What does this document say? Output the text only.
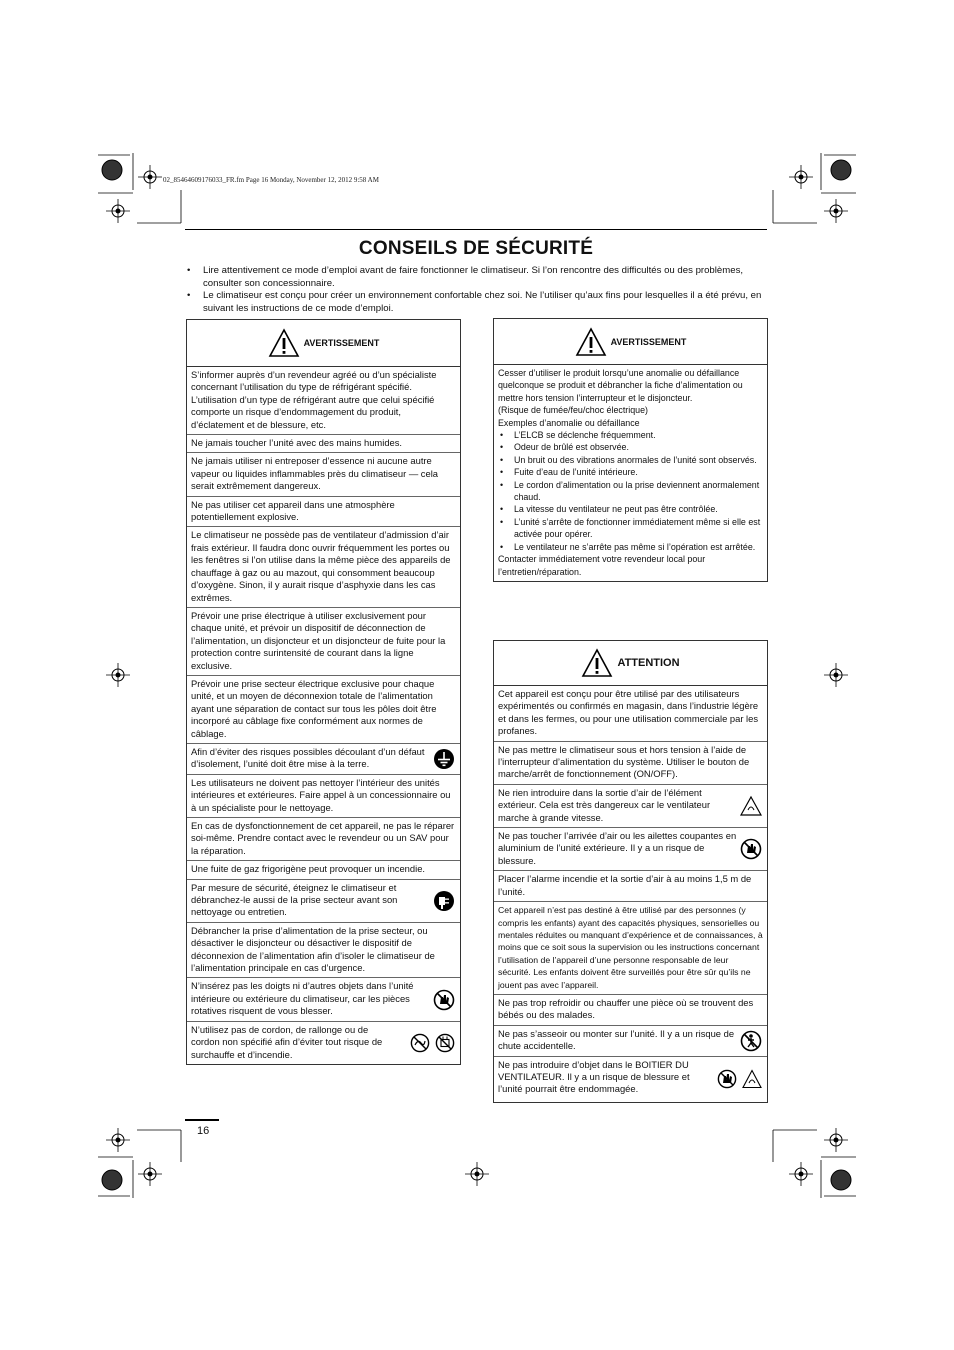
02_85464609176033_FR.fm Page 16 Monday, November 12, 2012 9:58 AM
CONSEILS DE SÉCURITÉ
• Lire attentivement ce mode d’emploi avant de faire fonctionner le climatiseur. Si l’on rencontre des difficultés ou des problèmes, consulter son concessionnaire.
• Le climatiseur est conçu pour créer un environnement confortable chez soi. Ne l’utiliser qu’aux fins pour lesquelles il a été prévu, en suivant les instructions de ce mode d’emploi.
AVERTISSEMENT
S’informer auprès d’un revendeur agréé ou d’un spécialiste concernant l’utilisation du type de réfrigérant spécifié. L’utilisation d’un type de réfrigérant autre que celui spécifié comporte un risque d’endommagement du produit, d’éclatement et de blessure, etc.
Ne jamais toucher l’unité avec des mains humides.
Ne jamais utiliser ni entreposer d’essence ni aucune autre vapeur ou liquides inflammables près du climatiseur — cela serait extrêmement dangereux.
Ne pas utiliser cet appareil dans une atmosphère potentiellement explosive.
Le climatiseur ne possède pas de ventilateur d’admission d’air frais extérieur. Il faudra donc ouvrir fréquemment les portes ou les fenêtres si l’on utilise dans la même pièce des appareils de chauffage à gaz ou au mazout, qui consomment beaucoup d’oxygène. Sinon, il y aurait risque d’asphyxie dans les cas extrêmes.
Prévoir une prise électrique à utiliser exclusivement pour chaque unité, et prévoir un dispositif de déconnection de l’alimentation, un disjoncteur et un disjoncteur de fuite pour la protection contre surintensité de courant dans la ligne exclusive.
Prévoir une prise secteur électrique exclusive pour chaque unité, et un moyen de déconnexion totale de l’alimentation ayant une séparation de contact sur tous les pôles doit être incorporé au câblage fixe conformément aux normes de câblage.
Afin d’éviter des risques possibles découlant d’un défaut d’isolement, l’unité doit être mise à la terre.
Les utilisateurs ne doivent pas nettoyer l’intérieur des unités intérieures et extérieures. Faire appel à un concessionnaire ou à un spécialiste pour le nettoyage.
En cas de dysfonctionnement de cet appareil, ne pas le réparer soi-même. Prendre contact avec le revendeur ou un SAV pour la réparation.
Une fuite de gaz frigorigène peut provoquer un incendie.
Par mesure de sécurité, éteignez le climatiseur et débranchez-le aussi de la prise secteur avant son nettoyage ou entretien.
Débrancher la prise d’alimentation de la prise secteur, ou désactiver le disjoncteur ou désactiver le dispositif de déconnexion de l’alimentation afin d’isoler le climatiseur de l’alimentation principale en cas d’urgence.
N’insérez pas les doigts ni d’autres objets dans l’unité intérieure ou extérieure du climatiseur, car les pièces rotatives risquent de vous blesser.
N’utilisez pas de cordon, de rallonge ou de cordon non spécifié afin d’éviter tout risque de surchauffe et d’incendie.
AVERTISSEMENT
Cesser d’utiliser le produit lorsqu’une anomalie ou défaillance quelconque se produit et débrancher la fiche d’alimentation ou mettre hors tension l’interrupteur et le disjoncteur.
(Risque de fumée/feu/choc électrique)
Exemples d’anomalie ou défaillance
• L’ELCB se déclenche fréquemment.
• Odeur de brûlé est observée.
• Un bruit ou des vibrations anormales de l’unité sont observés.
• Fuite d’eau de l’unité intérieure.
• Le cordon d’alimentation ou la prise deviennent anormalement chaud.
• La vitesse du ventilateur ne peut pas être contrôlée.
• L’unité s’arrête de fonctionner immédiatement même si elle est activée pour opérer.
• Le ventilateur ne s’arrête pas même si l’opération est arrêtée.
Contacter immédiatement votre revendeur local pour l’entretien/réparation.
ATTENTION
Cet appareil est conçu pour être utilisé par des utilisateurs expérimentés ou confirmés en magasin, dans l’industrie légère et dans les fermes, ou pour une utilisation commerciale par les profanes.
Ne pas mettre le climatiseur sous et hors tension à l’aide de l’interrupteur d’alimentation du système. Utiliser le bouton de marche/arrêt de fonctionnement (ON/OFF).
Ne rien introduire dans la sortie d’air de l’élément extérieur. Cela est très dangereux car le ventilateur marche à grande vitesse.
Ne pas toucher l’arrivée d’air ou les ailettes coupantes en aluminium de l’unité extérieure. Il y a un risque de blessure.
Placer l’alarme incendie et la sortie d’air à au moins 1,5 m de l’unité.
Cet appareil n’est pas destiné à être utilisé par des personnes (y compris les enfants) ayant des capacités physiques, sensorielles ou mentales réduites ou manquant d’expérience et de connaissances, à moins que ce soit sous la supervision ou les instructions concernant l’utilisation de l’appareil d’une personne responsable de leur sécurité. Les enfants doivent être surveillés pour être sûr qu’ils ne jouent pas avec l’appareil.
Ne pas trop refroidir ou chauffer une pièce où se trouvent des bébés ou des malades.
Ne pas s’asseoir ou monter sur l’unité. Il y a un risque de chute accidentelle.
Ne pas introduire d’objet dans le BOITIER DU VENTILATEUR. Il y a un risque de blessure et l’unité pourrait être endommagée.
16
